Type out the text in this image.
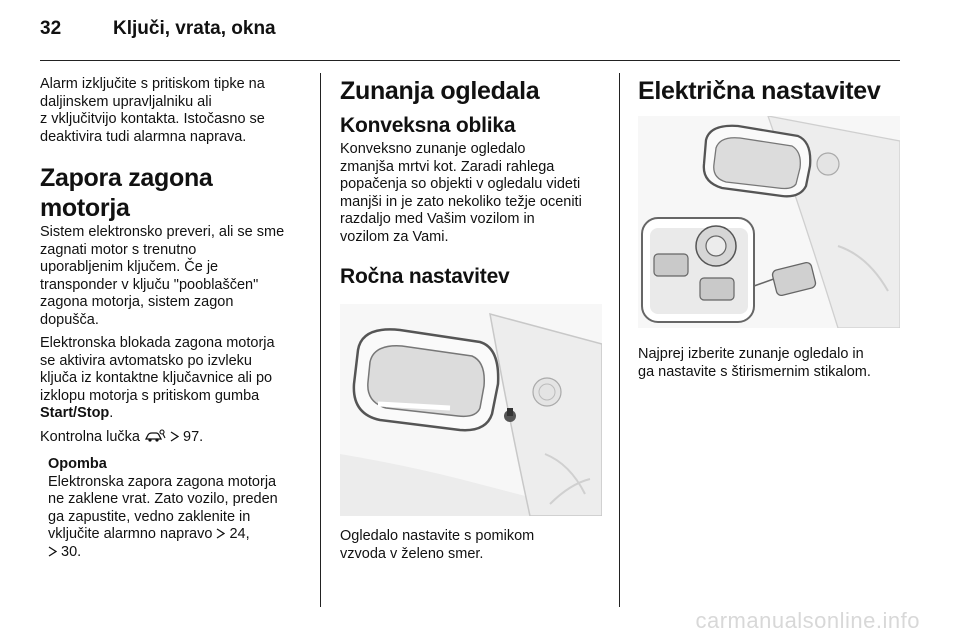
32	Ključi, vrata, okna

Alarm izključite s pritiskom tipke na
daljinskem upravljalniku ali
z vključitvijo kontakta. Istočasno se
deaktivira tudi alarmna naprava.

Zapora zagona motorja

Sistem elektronsko preveri, ali se sme
zagnati motor s trenutno
uporabljenim ključem. Če je
transponder v ključu "pooblaščen"
zagona motorja, sistem zagon
dopušča.

Elektronska blokada zagona motorja
se aktivira avtomatsko po izvleku
ključa iz kontaktne ključavnice ali po
izklopu motorja s pritiskom gumba
Start/Stop.

Kontrolna lučka	97.

Opomba

Elektronska zapora zagona motorja
ne zaklene vrat. Zato vozilo, preden
ga zapustite, vedno zaklenite in
vključite alarmno napravo 24,
30.

Zunanja ogledala
Konveksna oblika

Konveksno zunanje ogledalo
zmanjša mrtvi kot. Zaradi rahlega
popačenja so objekti v ogledalu videti
manjši in je zato nekoliko težje oceniti
razdaljo med Vašim vozilom in
vozilom za Vami.

Ročna nastavitev

Ogledalo nastavite s pomikom
vzvoda v želeno smer.

Električna nastavitev

Najprej izberite zunanje ogledalo in
ga nastavite s štirismernim stikalom.

carmanualsonline.info
